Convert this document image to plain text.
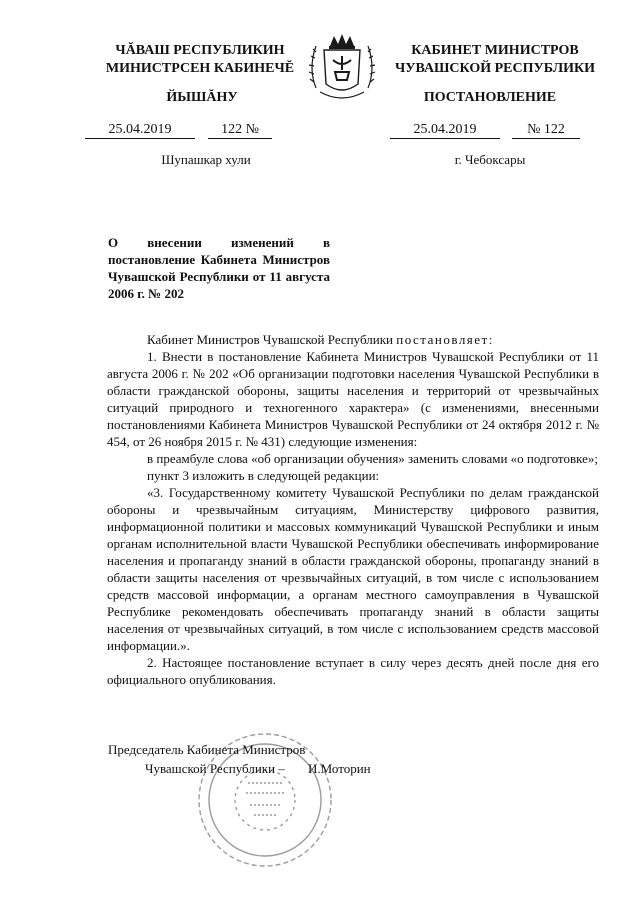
ЧĂВАШ РЕСПУБЛИКИН
МИНИСТРСЕН КАБИНЕЧĔ
ЙЫШĂНУ
КАБИНЕТ МИНИСТРОВ
ЧУВАШСКОЙ РЕСПУБЛИКИ
ПОСТАНОВЛЕНИЕ
25.04.2019	122 №	25.04.2019	№ 122
Шупашкар хули	г. Чебоксары
О внесении изменений в постановление Кабинета Министров Чувашской Республики от 11 августа 2006 г. № 202

Кабинет Министров Чувашской Республики постановляет:

1. Внести в постановление Кабинета Министров Чувашской Республики от 11 августа 2006 г. № 202 «Об организации подготовки населения Чувашской Республики в области гражданской обороны, защиты населения и территорий от чрезвычайных ситуаций природного и техногенного характера» (с изменениями, внесенными постановлениями Кабинета Министров Чувашской Республики от 24 октября 2012 г. № 454, от 26 ноября 2015 г. № 431) следующие изменения:

в преамбуле слова «об организации обучения» заменить словами «о подготовке»;

пункт 3 изложить в следующей редакции:

«3. Государственному комитету Чувашской Республики по делам гражданской обороны и чрезвычайным ситуациям, Министерству цифрового развития, информационной политики и массовых коммуникаций Чувашской Республики и иным органам исполнительной власти Чувашской Республики обеспечивать информирование населения и пропаганду знаний в области гражданской обороны, пропаганду знаний в области защиты населения от чрезвычайных ситуаций, в том числе с использованием средств массовой информации, а органам местного самоуправления в Чувашской Республике рекомендовать обеспечивать пропаганду знаний в области защиты населения от чрезвычайных ситуаций, в том числе с использованием средств массовой информации.».

2. Настоящее постановление вступает в силу через десять дней после дня его официального опубликования.

Председатель Кабинета Министров
Чувашской Республики – И.Моторин
